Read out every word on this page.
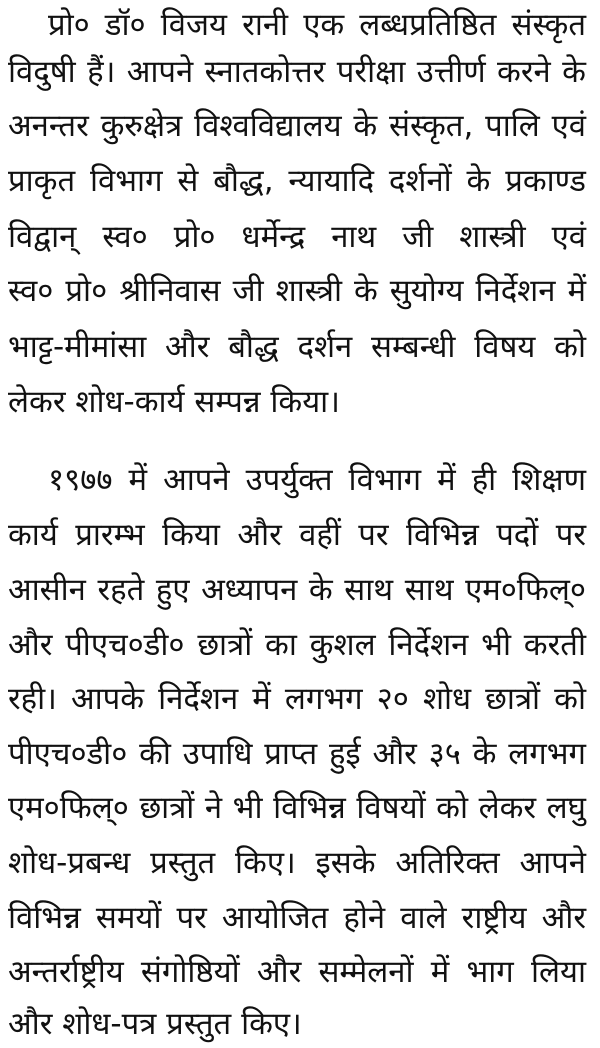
प्रो० डॉ० विजय रानी एक लब्धप्रतिष्ठित संस्कृत
विदुषी हैं। आपने स्नातकोत्तर परीक्षा उत्तीर्ण करने के
अनन्तर कुरुक्षेत्र विश्वविद्यालय के संस्कृत, पालि एवं
प्राकृत विभाग से बौद्ध, न्यायादि दर्शनों के प्रकाण्ड
विद्वान् स्व० प्रो० धर्मेन्द्र नाथ जी शास्त्री एवं
स्व० प्रो० श्रीनिवास जी शास्त्री के सुयोग्य निर्देशन में
भाट्ट-मीमांसा और बौद्ध दर्शन सम्बन्धी विषय को
लेकर शोध-कार्य सम्पन्न किया।
१९७७ में आपने उपर्युक्त विभाग में ही शिक्षण
कार्य प्रारम्भ किया और वहीं पर विभिन्न पदों पर
आसीन रहते हुए अध्यापन के साथ साथ एम०फिल्०
और पीएच०डी० छात्रों का कुशल निर्देशन भी करती
रही। आपके निर्देशन में लगभग २० शोध छात्रों को
पीएच०डी० की उपाधि प्राप्त हुई और ३५ के लगभग
एम०फिल्० छात्रों ने भी विभिन्न विषयों को लेकर लघु
शोध-प्रबन्ध प्रस्तुत किए। इसके अतिरिक्त आपने
विभिन्न समयों पर आयोजित होने वाले राष्ट्रीय और
अन्तर्राष्ट्रीय संगोष्ठियों और सम्मेलनों में भाग लिया
और शोध-पत्र प्रस्तुत किए।
